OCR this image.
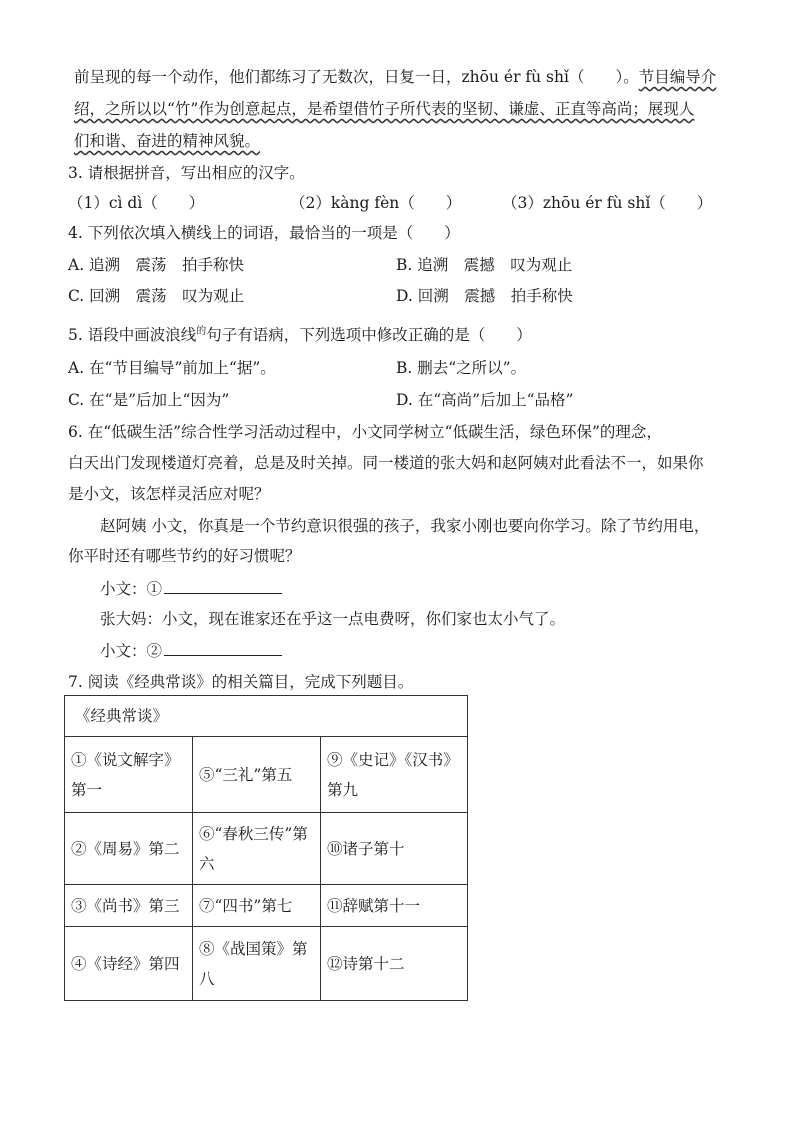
前呈现的每一个动作，他们都练习了无数次，日复一日，zhōu ér fù shǐ（　　）。节目编导介
绍，之所以以“竹”作为创意起点，是希望借竹子所代表的坚韧、谦虚、正直等高尚；展现人
们和谐、奋进的精神风貌。
3. 请根据拼音，写出相应的汉字。
（1）cì dì（　　）	（2）kàng fèn（　　）	（3）zhōu ér fù shǐ（　　）
4. 下列依次填入横线上的词语，最恰当的一项是（　　）
A. 追溯　震荡　拍手称快	B. 追溯　震撼　叹为观止
C. 回溯　震荡　叹为观止	D. 回溯　震撼　拍手称快
5. 语段中画波浪线$^的$句子有语病，下列选项中修改正确的是（　　）
A. 在“节目编导”前加上“据”。	B. 删去“之所以”。
C. 在“是”后加上“因为”	D. 在“高尚”后加上“品格”
6. 在“低碳生活”综合性学习活动过程中，小文同学树立“低碳生活，绿色环保”的理念，
白天出门发现楼道灯亮着，总是及时关掉。同一楼道的张大妈和赵阿姨对此看法不一，如果你
是小文，该怎样灵活应对呢？
赵阿姨 小文，你真是一个节约意识很强的孩子，我家小刚也要向你学习。除了节约用电，
你平时还有哪些节约的好习惯呢？
小文：①
张大妈：小文，现在谁家还在乎这一点电费呀，你们家也太小气了。
小文：②
7. 阅读《经典常谈》的相关篇目，完成下列题目。
《经典常谈》		
①《说文解字》第一	⑤“三礼”第五	⑨《史记》《汉书》第九
②《周易》第二	⑥“春秋三传”第六	⑩诸子第十
③《尚书》第三	⑦“四书”第七	⑪辞赋第十一
④《诗经》第四	⑧《战国策》第八	⑫诗第十二
